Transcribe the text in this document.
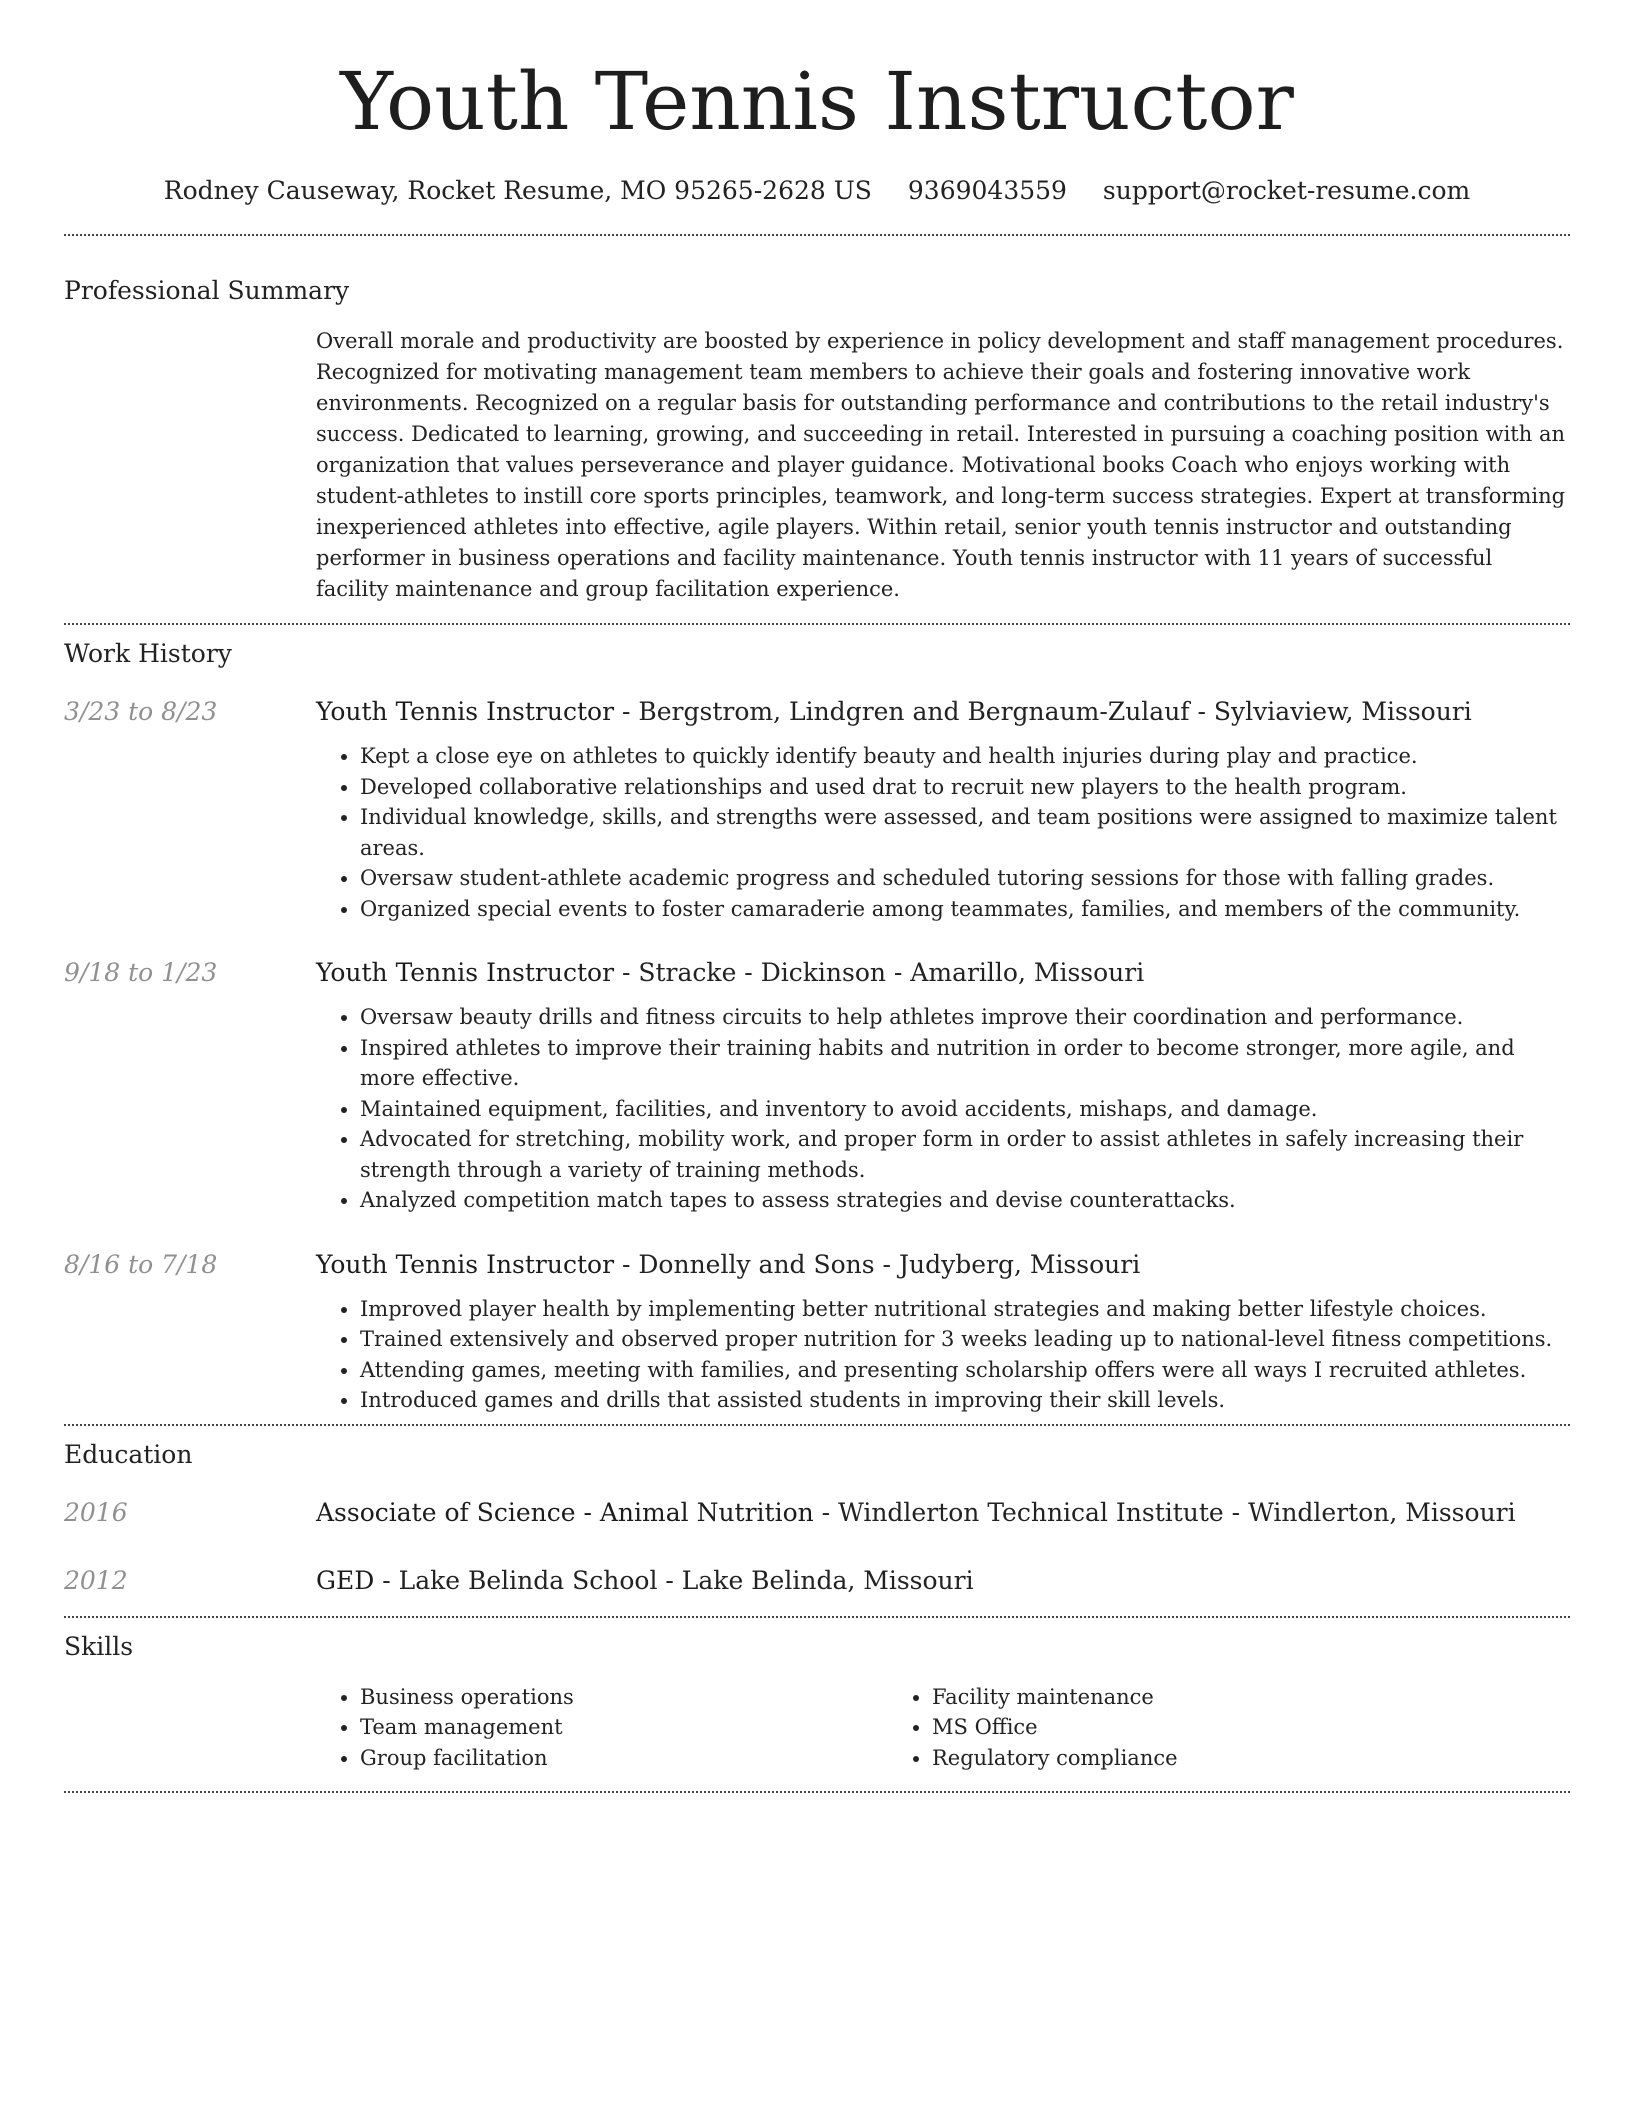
Youth Tennis Instructor
Rodney Causeway, Rocket Resume, MO 95265-2628 US 9369043559 support@rocket-resume.com
Professional Summary
Overall morale and productivity are boosted by experience in policy development and staff management procedures. Recognized for motivating management team members to achieve their goals and fostering innovative work environments. Recognized on a regular basis for outstanding performance and contributions to the retail industry's success. Dedicated to learning, growing, and succeeding in retail. Interested in pursuing a coaching position with an organization that values perseverance and player guidance. Motivational books Coach who enjoys working with student-athletes to instill core sports principles, teamwork, and long-term success strategies. Expert at transforming inexperienced athletes into effective, agile players. Within retail, senior youth tennis instructor and outstanding performer in business operations and facility maintenance. Youth tennis instructor with 11 years of successful facility maintenance and group facilitation experience.
Work History
3/23 to 8/23	Youth Tennis Instructor - Bergstrom, Lindgren and Bergnaum-Zulauf - Sylviaview, Missouri
• Kept a close eye on athletes to quickly identify beauty and health injuries during play and practice.
• Developed collaborative relationships and used drat to recruit new players to the health program.
• Individual knowledge, skills, and strengths were assessed, and team positions were assigned to maximize talent areas.
• Oversaw student-athlete academic progress and scheduled tutoring sessions for those with falling grades.
• Organized special events to foster camaraderie among teammates, families, and members of the community.
9/18 to 1/23	Youth Tennis Instructor - Stracke - Dickinson - Amarillo, Missouri
• Oversaw beauty drills and fitness circuits to help athletes improve their coordination and performance.
• Inspired athletes to improve their training habits and nutrition in order to become stronger, more agile, and more effective.
• Maintained equipment, facilities, and inventory to avoid accidents, mishaps, and damage.
• Advocated for stretching, mobility work, and proper form in order to assist athletes in safely increasing their strength through a variety of training methods.
• Analyzed competition match tapes to assess strategies and devise counterattacks.
8/16 to 7/18	Youth Tennis Instructor - Donnelly and Sons - Judyberg, Missouri
• Improved player health by implementing better nutritional strategies and making better lifestyle choices.
• Trained extensively and observed proper nutrition for 3 weeks leading up to national-level fitness competitions.
• Attending games, meeting with families, and presenting scholarship offers were all ways I recruited athletes.
• Introduced games and drills that assisted students in improving their skill levels.
Education
2016	Associate of Science - Animal Nutrition - Windlerton Technical Institute - Windlerton, Missouri
2012	GED - Lake Belinda School - Lake Belinda, Missouri
Skills
• Business operations
• Team management
• Group facilitation
• Facility maintenance
• MS Office
• Regulatory compliance
